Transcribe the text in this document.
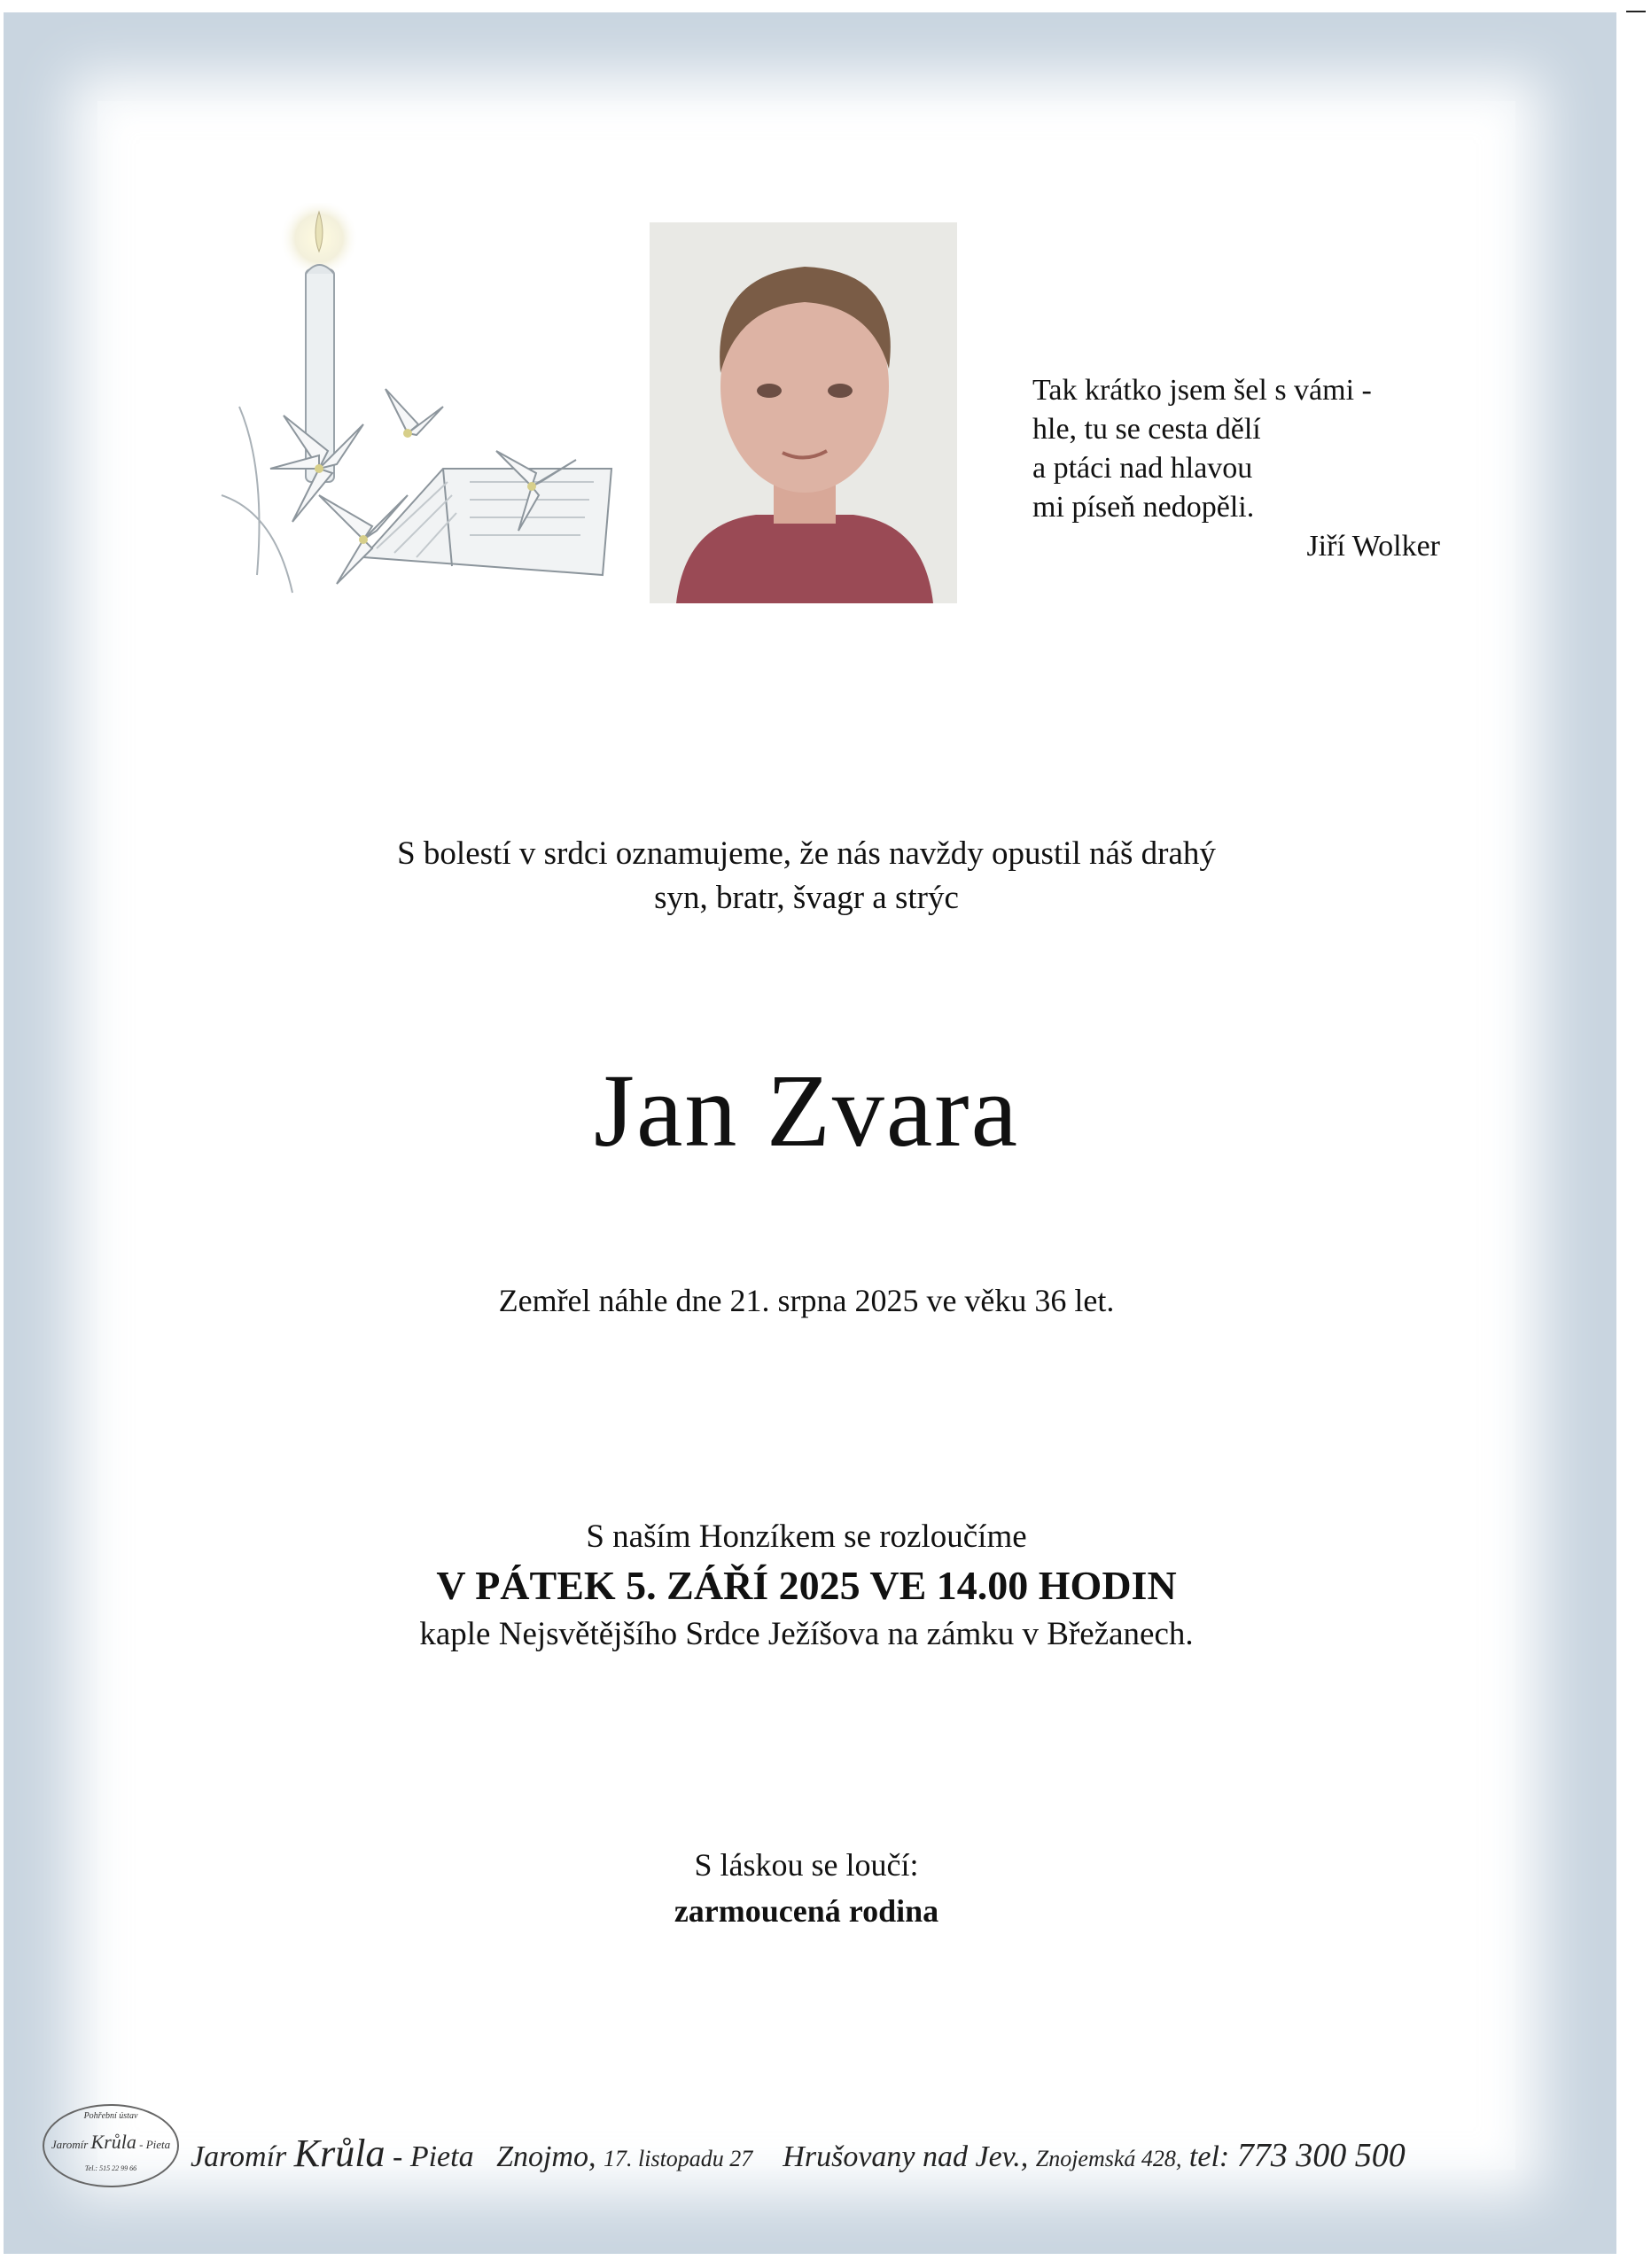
Tak krátko jsem šel s vámi -
hle, tu se cesta dělí
a ptáci nad hlavou
mi píseň nedopěli.
Jiří Wolker
S bolestí v srdci oznamujeme, že nás navždy opustil náš drahý
syn, bratr, švagr a strýc
Jan Zvara
Zemřel náhle dne 21. srpna 2025 ve věku 36 let.
S naším Honzíkem se rozloučíme
V PÁTEK 5. ZÁŘÍ 2025 VE 14.00 HODIN
kaple Nejsvětějšího Srdce Ježíšova na zámku v Břežanech.
S láskou se loučí:
zarmoucená rodina
Pohřební ústav
Jaromír Krůla - Pieta
Tel.: 515 22 99 66	Jaromír Krůla - Pieta Znojmo, 17. listopadu 27 Hrušovany nad Jev., Znojemská 428, tel: 773 300 500
